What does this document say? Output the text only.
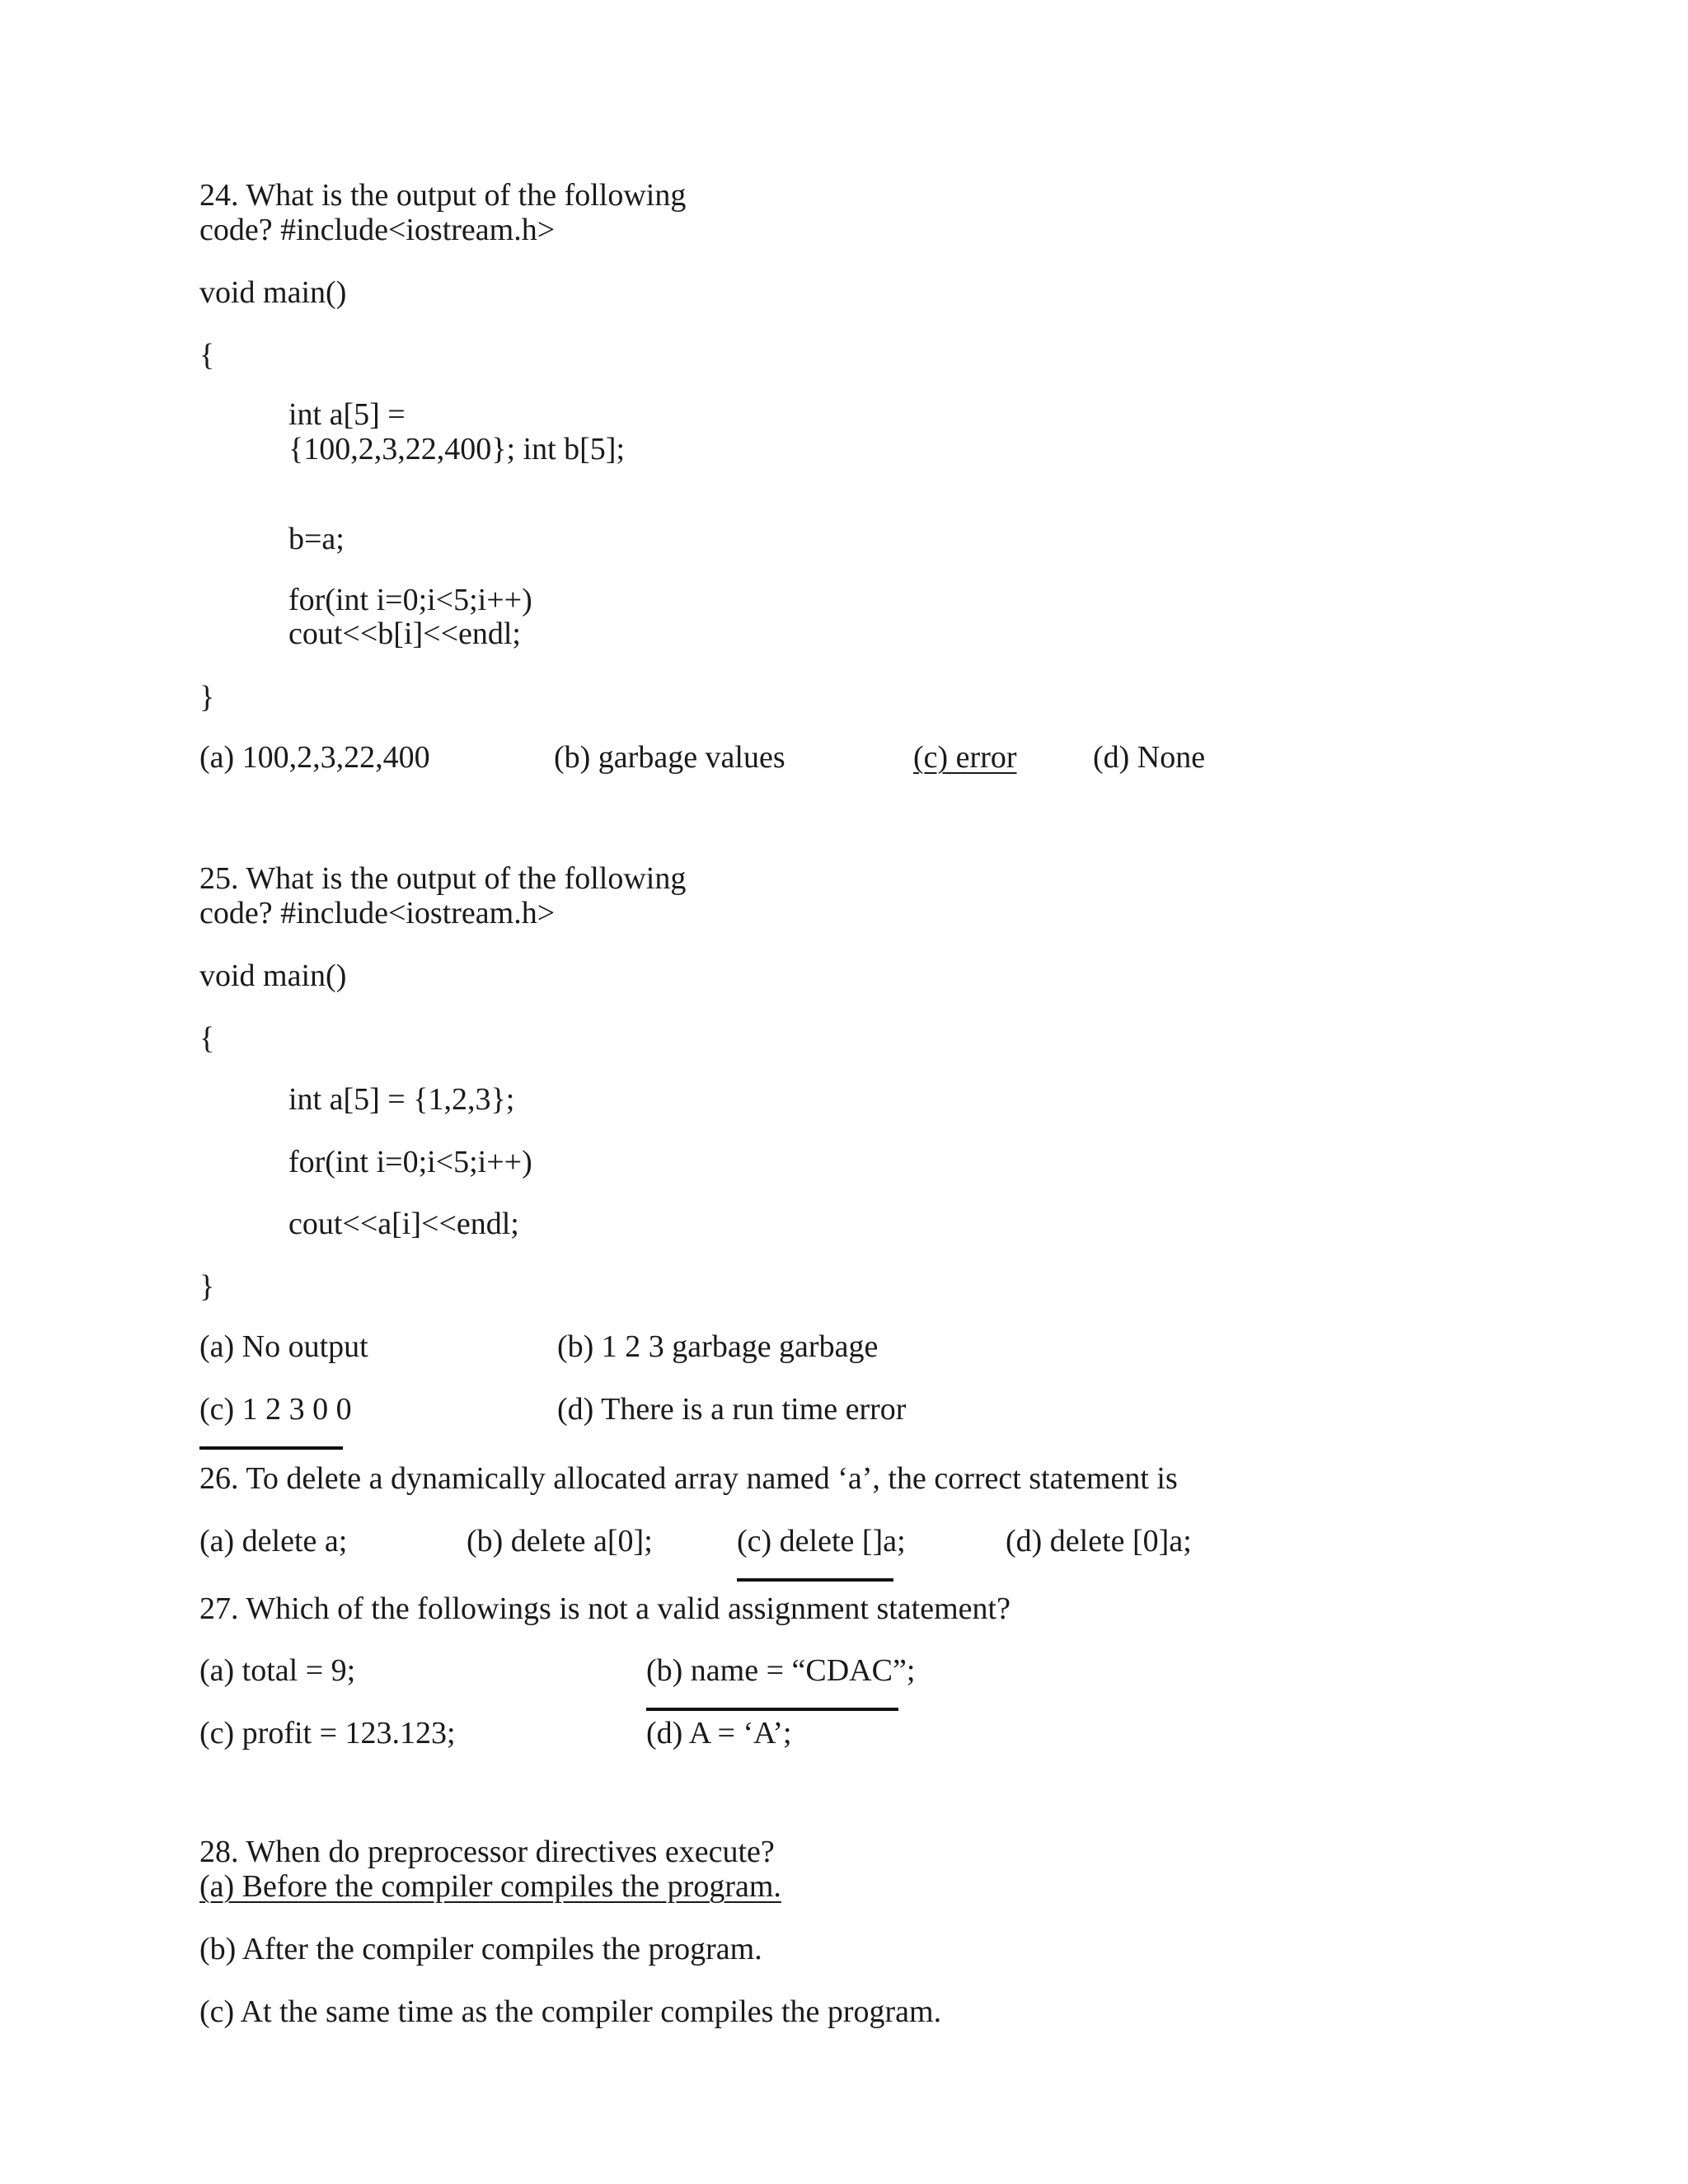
24. What is the output of the following
code? #include<iostream.h>
void main()
{
int a[5] =
{100,2,3,22,400}; int b[5];
b=a;
for(int i=0;i<5;i++)
cout<<b[i]<<endl;
}
(a) 100,2,3,22,400	(b) garbage values	(c) error (d) None
25. What is the output of the following
code? #include<iostream.h>
void main()
{
int a[5] = {1,2,3};
for(int i=0;i<5;i++)
cout<<a[i]<<endl;
}
(a) No output	(b) 1 2 3 garbage garbage
(c) 1 2 3 0 0	(d) There is a run time error
26. To delete a dynamically allocated array named ‘a’, the correct statement is
(a) delete a;	(b) delete a[0];	(c) delete []a;	(d) delete [0]a;
27. Which of the followings is not a valid assignment statement?
(a) total = 9;	(b) name = “CDAC”;
(c) profit = 123.123;	(d) A = ‘A’;
28. When do preprocessor directives execute?
(a) Before the compiler compiles the program.
(b) After the compiler compiles the program.
(c) At the same time as the compiler compiles the program.
